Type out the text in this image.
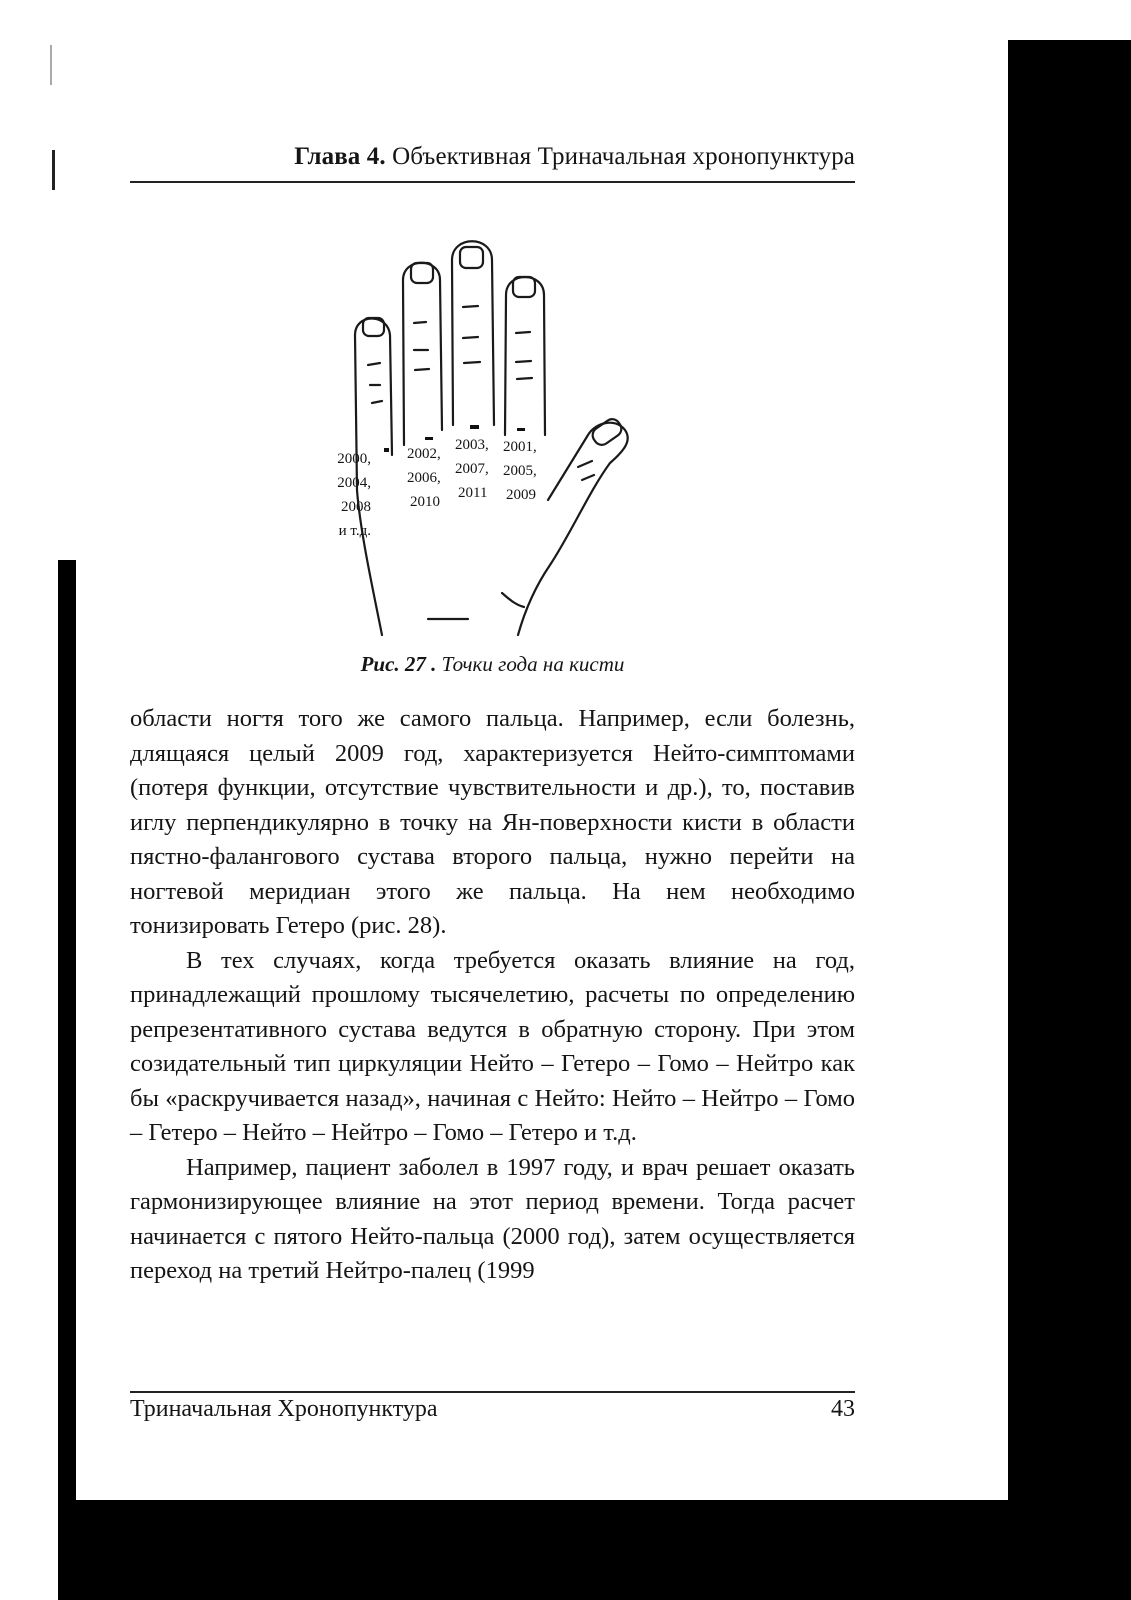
Глава 4. Объективная Триначальная хронопунктура
2000,
2004,
2008
и т.д.
2002,
2006,
2010
2003,
2007,
2011
2001,
2005,
2009
Рис. 27 . Точки года на кисти

области ногтя того же самого пальца. Например, если болезнь, длящаяся целый 2009 год, характеризуется Нейто-симптомами (потеря функции, отсутствие чувствительности и др.), то, поставив иглу перпендикулярно в точку на Ян-поверхности кисти в области пястно-фалангового сустава второго пальца, нужно перейти на ногтевой меридиан этого же пальца. На нем необходимо тонизировать Гетеро (рис. 28).

В тех случаях, когда требуется оказать влияние на год, принадлежащий прошлому тысячелетию, расчеты по определению репрезентативного сустава ведутся в обратную сторону. При этом созидательный тип циркуляции Нейто – Гетеро – Гомо – Нейтро как бы «раскручивается назад», начиная с Нейто: Нейто – Нейтро – Гомо – Гетеро – Нейто – Нейтро – Гомо – Гетеро и т.д.

Например, пациент заболел в 1997 году, и врач решает оказать гармонизирующее влияние на этот период времени. Тогда расчет начинается с пятого Нейто-пальца (2000 год), затем осуществляется переход на третий Нейтро-палец (1999

Триначальная Хронопунктура	43
